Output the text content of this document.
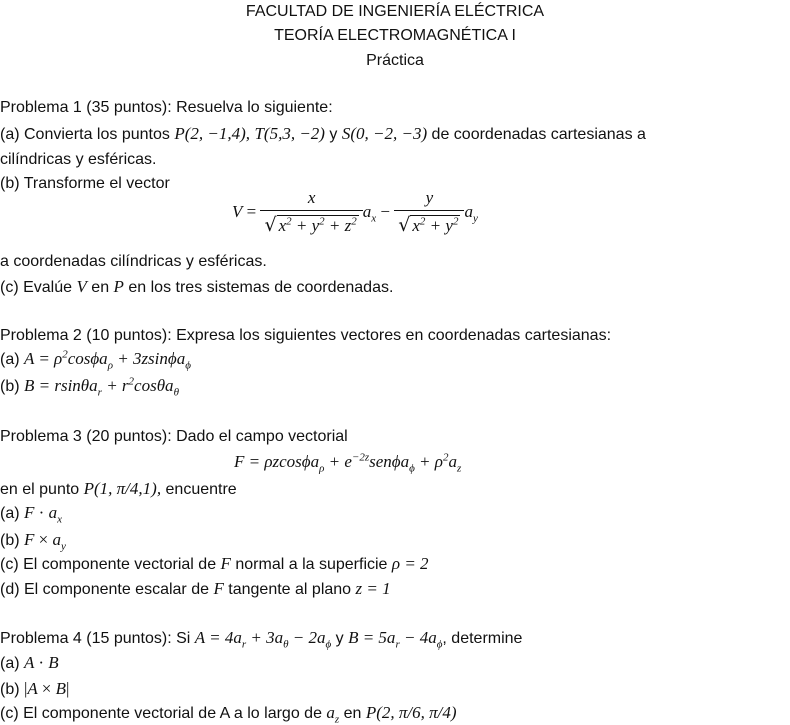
FACULTAD DE INGENIERÍA ELÉCTRICA
TEORÍA ELECTROMAGNÉTICA I
Práctica
Problema 1 (35 puntos): Resuelva lo siguiente:
(a) Convierta los puntos P(2, −1,4), T(5,3, −2) y S(0, −2, −3) de coordenadas cartesianas a
cilíndricas y esféricas.
(b) Transforme el vector
$V = \frac{x}{√ x^2 + y^2 + z^2} a_x - \frac{y}{√ x^2 + y^2} a_y$
a coordenadas cilíndricas y esféricas.
(c) Evalúe V en P en los tres sistemas de coordenadas.
Problema 2 (10 puntos): Expresa los siguientes vectores en coordenadas cartesianas:
(a) $A = \rho^2\cos\phi a_\rho + 3zsin\phi a_\phi$
(b) $B = rsin\theta a_r + r^2\cos\theta a_\theta$
Problema 3 (20 puntos): Dado el campo vectorial
$F = \rho zcos\phi a_\rho + e^{-2z}sen\phi a_\phi + \rho^2a_z$
en el punto P(1, π/4,1), encuentre
(a) $F \cdot a_x$
(b) $F \times a_y$
(c) El componente vectorial de F normal a la superficie ρ = 2
(d) El componente escalar de F tangente al plano z = 1
Problema 4 (15 puntos): Si $A = 4a_r + 3a_\theta - 2a_\phi$ y $B = 5a_r - 4a_\phi$, determine
(a) A · B
(b) |A × B|
(c) El componente vectorial de A a lo largo de $a_z$ en P(2, π/6, π/4)
